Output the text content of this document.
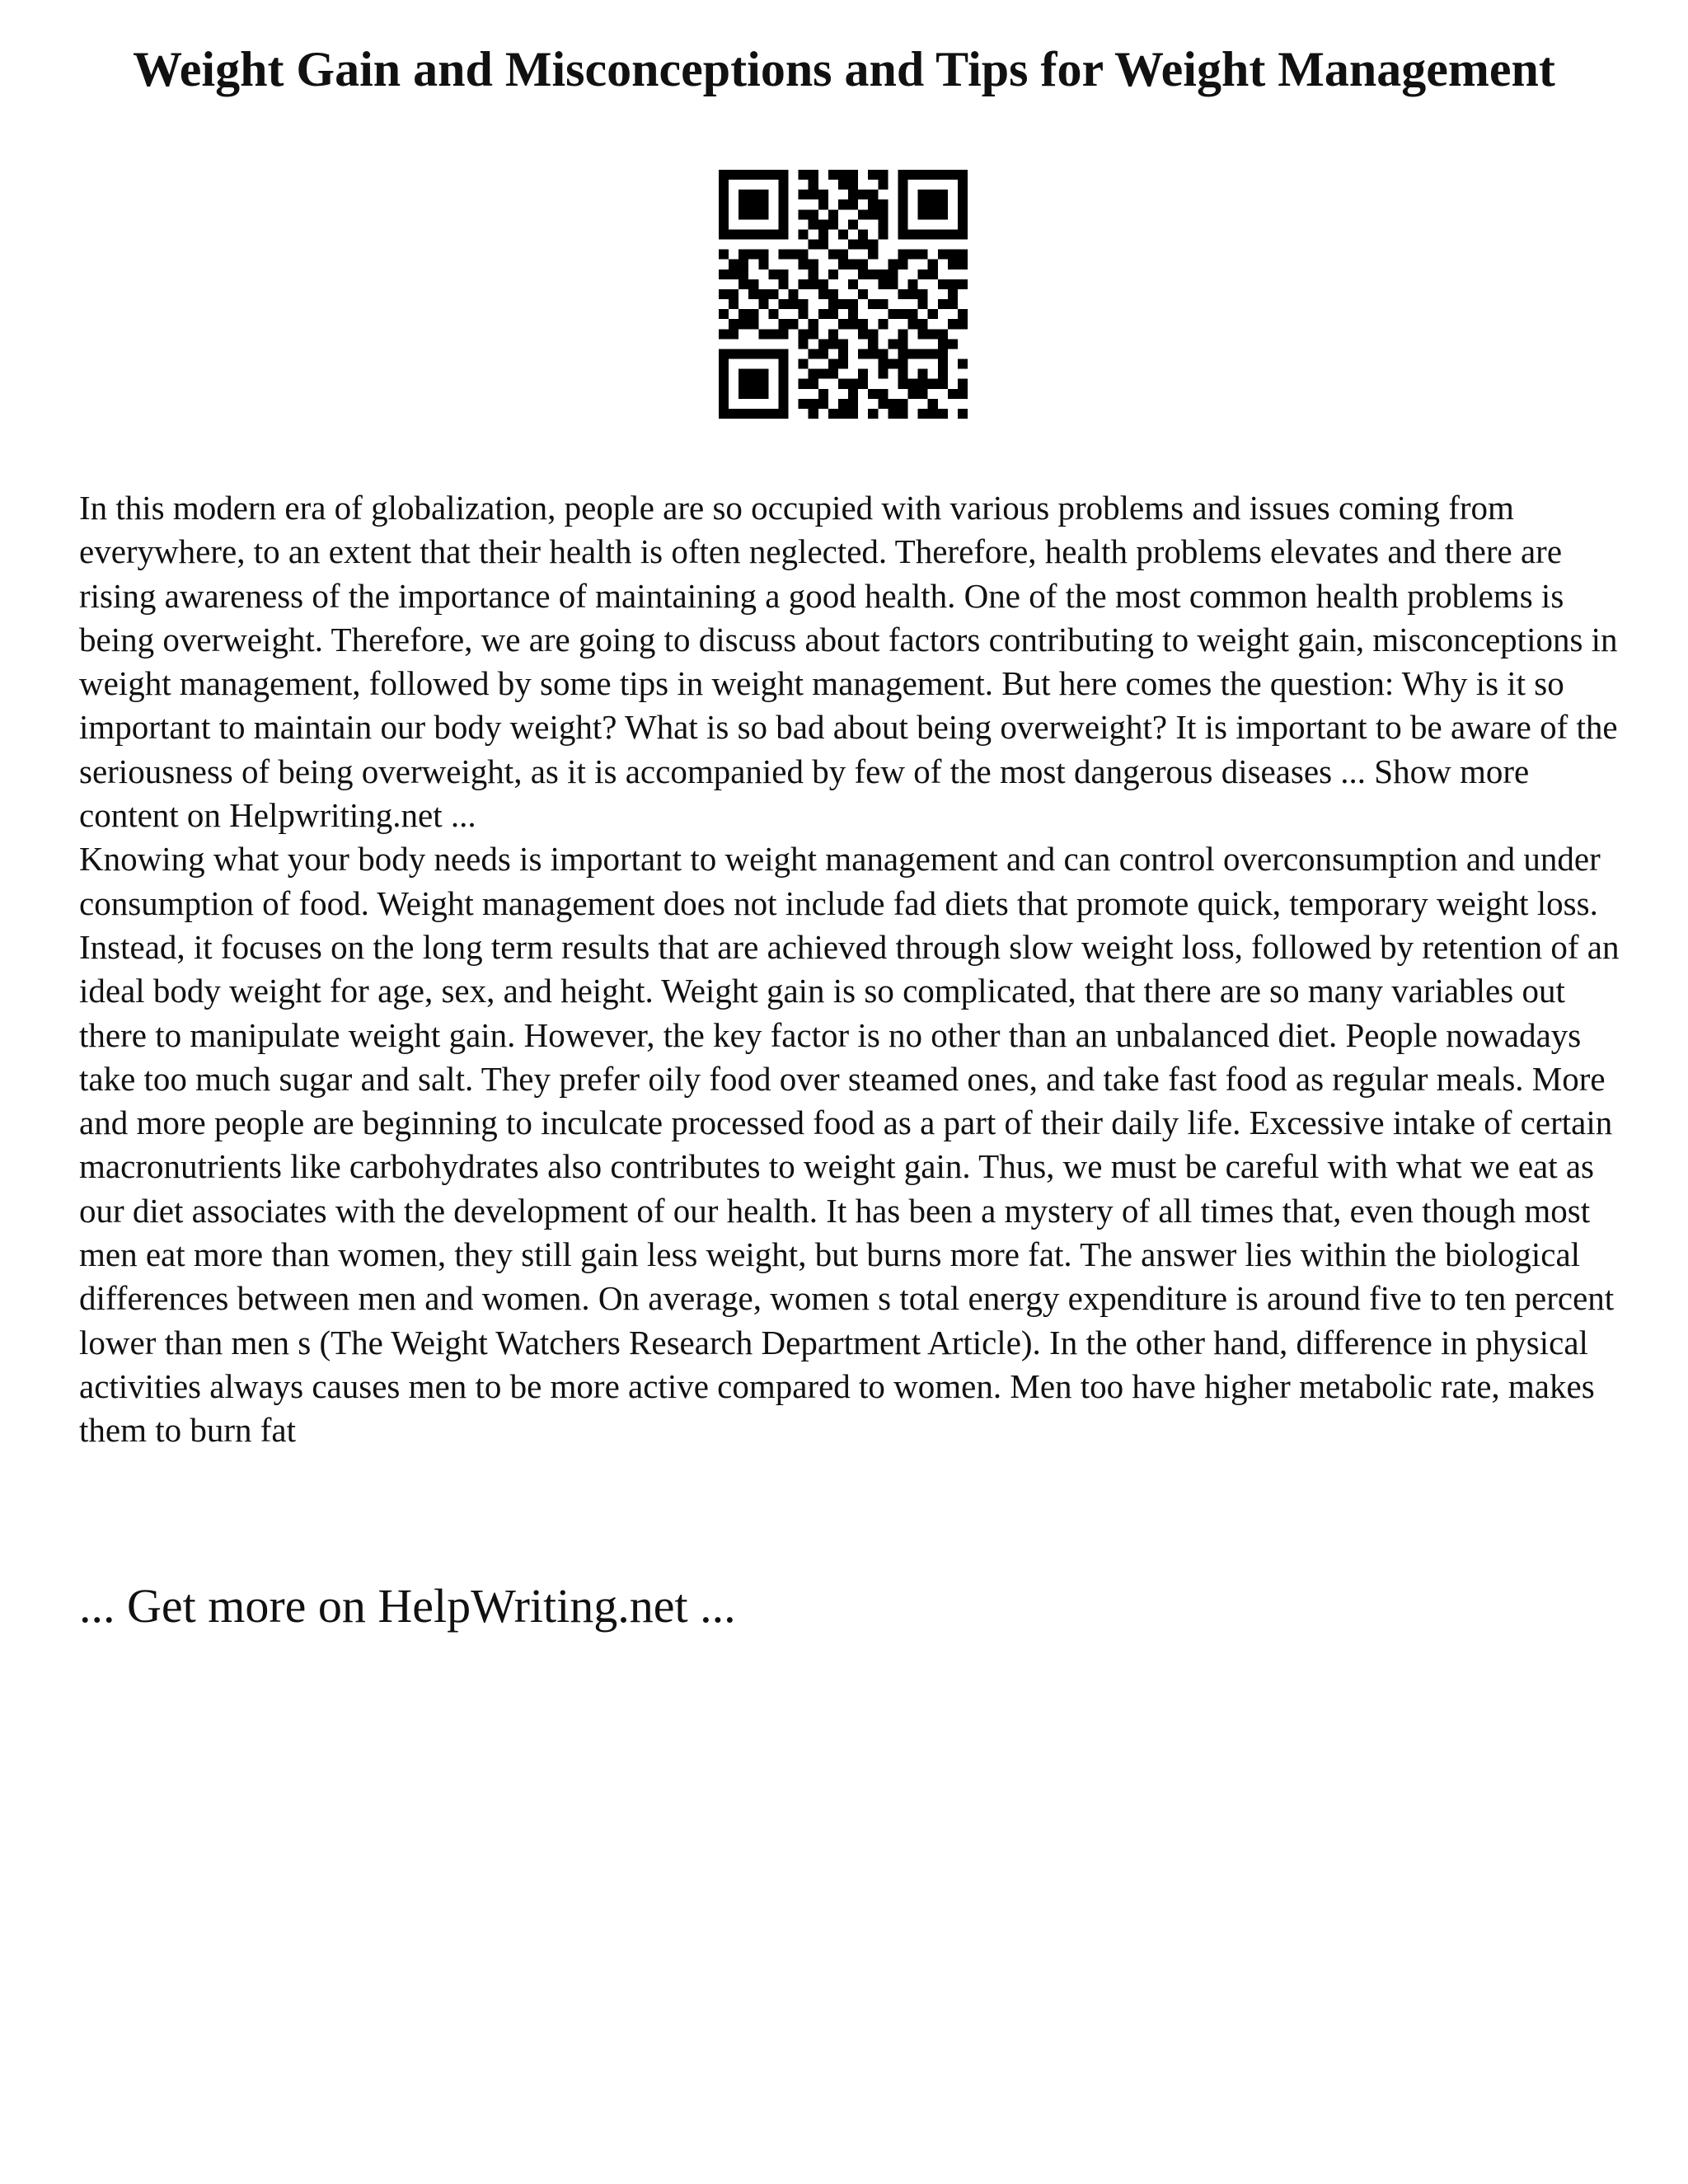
Weight Gain and Misconceptions and Tips for Weight Management

In this modern era of globalization, people are so occupied with various problems and issues coming from everywhere, to an extent that their health is often neglected. Therefore, health problems elevates and there are rising awareness of the importance of maintaining a good health. One of the most common health problems is being overweight. Therefore, we are going to discuss about factors contributing to weight gain, misconceptions in weight management, followed by some tips in weight management. But here comes the question: Why is it so important to maintain our body weight? What is so bad about being overweight? It is important to be aware of the seriousness of being overweight, as it is accompanied by few of the most dangerous diseases ... Show more content on Helpwriting.net ...

Knowing what your body needs is important to weight management and can control overconsumption and under consumption of food. Weight management does not include fad diets that promote quick, temporary weight loss. Instead, it focuses on the long term results that are achieved through slow weight loss, followed by retention of an ideal body weight for age, sex, and height. Weight gain is so complicated, that there are so many variables out there to manipulate weight gain. However, the key factor is no other than an unbalanced diet. People nowadays take too much sugar and salt. They prefer oily food over steamed ones, and take fast food as regular meals. More and more people are beginning to inculcate processed food as a part of their daily life. Excessive intake of certain macronutrients like carbohydrates also contributes to weight gain. Thus, we must be careful with what we eat as our diet associates with the development of our health. It has been a mystery of all times that, even though most men eat more than women, they still gain less weight, but burns more fat. The answer lies within the biological differences between men and women. On average, women s total energy expenditure is around five to ten percent lower than men s (The Weight Watchers Research Department Article). In the other hand, difference in physical activities always causes men to be more active compared to women. Men too have higher metabolic rate, makes them to burn fat

... Get more on HelpWriting.net ...
